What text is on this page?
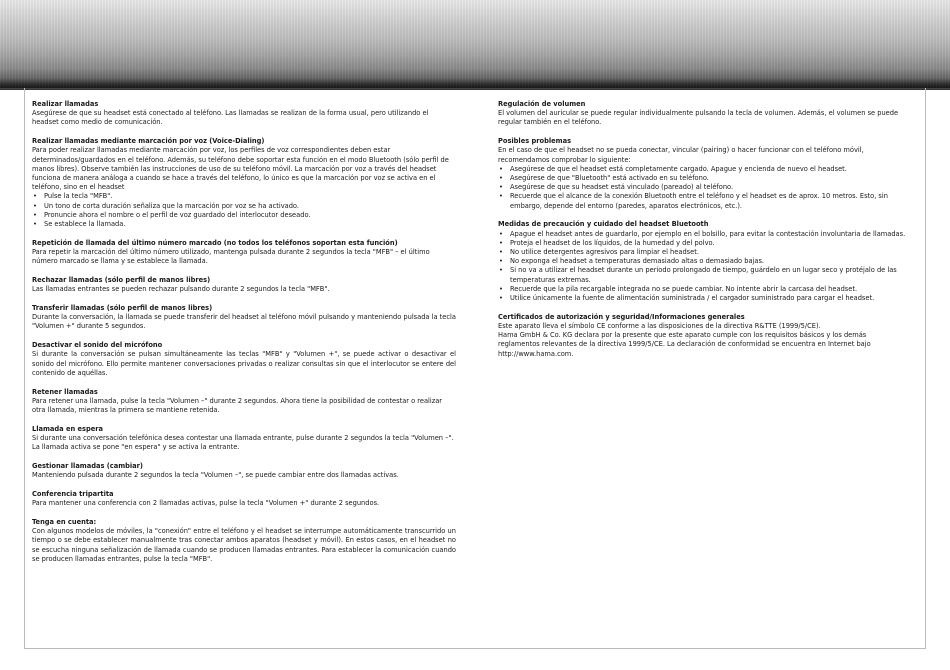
Realizar llamadas
Asegúrese de que su headset está conectado al teléfono. Las llamadas se realizan de la forma usual, pero utilizando el headset como medio de comunicación.
Realizar llamadas mediante marcación por voz (Voice-Dialing)
Para poder realizar llamadas mediante marcación por voz, los perfiles de voz correspondientes deben estar determinados/guardados en el teléfono. Además, su teléfono debe soportar esta función en el modo Bluetooth (sólo perfil de manos libres). Observe también las instrucciones de uso de su teléfono móvil. La marcación por voz a través del headset funciona de manera análoga a cuando se hace a través del teléfono, lo único es que la marcación por voz se activa en el teléfono, sino en el headset
• Pulse la tecla "MFB".
• Un tono de corta duración señaliza que la marcación por voz se ha activado.
• Pronuncie ahora el nombre o el perfil de voz guardado del interlocutor deseado.
• Se establece la llamada.
Repetición de llamada del último número marcado (no todos los teléfonos soportan esta función)
Para repetir la marcación del último número utilizado, mantenga pulsada durante 2 segundos la tecla "MFB" – el último número marcado se llama y se establece la llamada.
Rechazar llamadas (sólo perfil de manos libres)
Las llamadas entrantes se pueden rechazar pulsando durante 2 segundos la tecla "MFB".
Transferir llamadas (sólo perfil de manos libres)
Durante la conversación, la llamada se puede transferir del headset al teléfono móvil pulsando y manteniendo pulsada la tecla "Volumen +" durante 5 segundos.
Desactivar el sonido del micrófono
Si durante la conversación se pulsan simultáneamente las teclas "MFB" y "Volumen +", se puede activar o desactivar el sonido del micrófono. Ello permite mantener conversaciones privadas o realizar consultas sin que el interlocutor se entere del contenido de aquéllas.
Retener llamadas
Para retener una llamada, pulse la tecla "Volumen –" durante 2 segundos. Ahora tiene la posibilidad de contestar o realizar otra llamada, mientras la primera se mantiene retenida.
Llamada en espera
Si durante una conversación telefónica desea contestar una llamada entrante, pulse durante 2 segundos la tecla "Volumen –". La llamada activa se pone "en espera" y se activa la entrante.
Gestionar llamadas (cambiar)
Manteniendo pulsada durante 2 segundos la tecla "Volumen –", se puede cambiar entre dos llamadas activas.
Conferencia tripartita
Para mantener una conferencia con 2 llamadas activas, pulse la tecla "Volumen +" durante 2 segundos.
Tenga en cuenta:
Con algunos modelos de móviles, la "conexión" entre el teléfono y el headset se interrumpe automáticamente transcurrido un tiempo o se debe establecer manualmente tras conectar ambos aparatos (headset y móvil). En estos casos, en el headset no se escucha ninguna señalización de llamada cuando se producen llamadas entrantes. Para establecer la comunicación cuando se producen llamadas entrantes, pulse la tecla "MFB".
Regulación de volumen
El volumen del auricular se puede regular individualmente pulsando la tecla de volumen. Además, el volumen se puede regular también en el teléfono.
Posibles problemas
En el caso de que el headset no se pueda conectar, vincular (pairing) o hacer funcionar con el teléfono móvil, recomendamos comprobar lo siguiente:
• Asegúrese de que el headset está completamente cargado. Apague y encienda de nuevo el headset.
• Asegúrese de que "Bluetooth" está activado en su teléfono.
• Asegúrese de que su headset está vinculado (pareado) al teléfono.
• Recuerde que el alcance de la conexión Bluetooth entre el teléfono y el headset es de aprox. 10 metros. Esto, sin embargo, depende del entorno (paredes, aparatos electrónicos, etc.).
Medidas de precaución y cuidado del headset Bluetooth
• Apague el headset antes de guardarlo, por ejemplo en el bolsillo, para evitar la contestación involuntaria de llamadas.
• Proteja el headset de los líquidos, de la humedad y del polvo.
• No utilice detergentes agresivos para limpiar el headset.
• No exponga el headset a temperaturas demasiado altas o demasiado bajas.
• Si no va a utilizar el headset durante un período prolongado de tiempo, guárdelo en un lugar seco y protéjalo de las temperaturas extremas.
• Recuerde que la pila recargable integrada no se puede cambiar. No intente abrir la carcasa del headset.
• Utilice únicamente la fuente de alimentación suministrada / el cargador suministrado para cargar el headset.
Certificados de autorización y seguridad/Informaciones generales
Este aparato lleva el símbolo CE conforme a las disposiciones de la directiva R&TTE (1999/5/CE).
Hama GmbH & Co. KG declara por la presente que este aparato cumple con los requisitos básicos y los demás reglamentos relevantes de la directiva 1999/5/CE. La declaración de conformidad se encuentra en Internet bajo http://www.hama.com.
